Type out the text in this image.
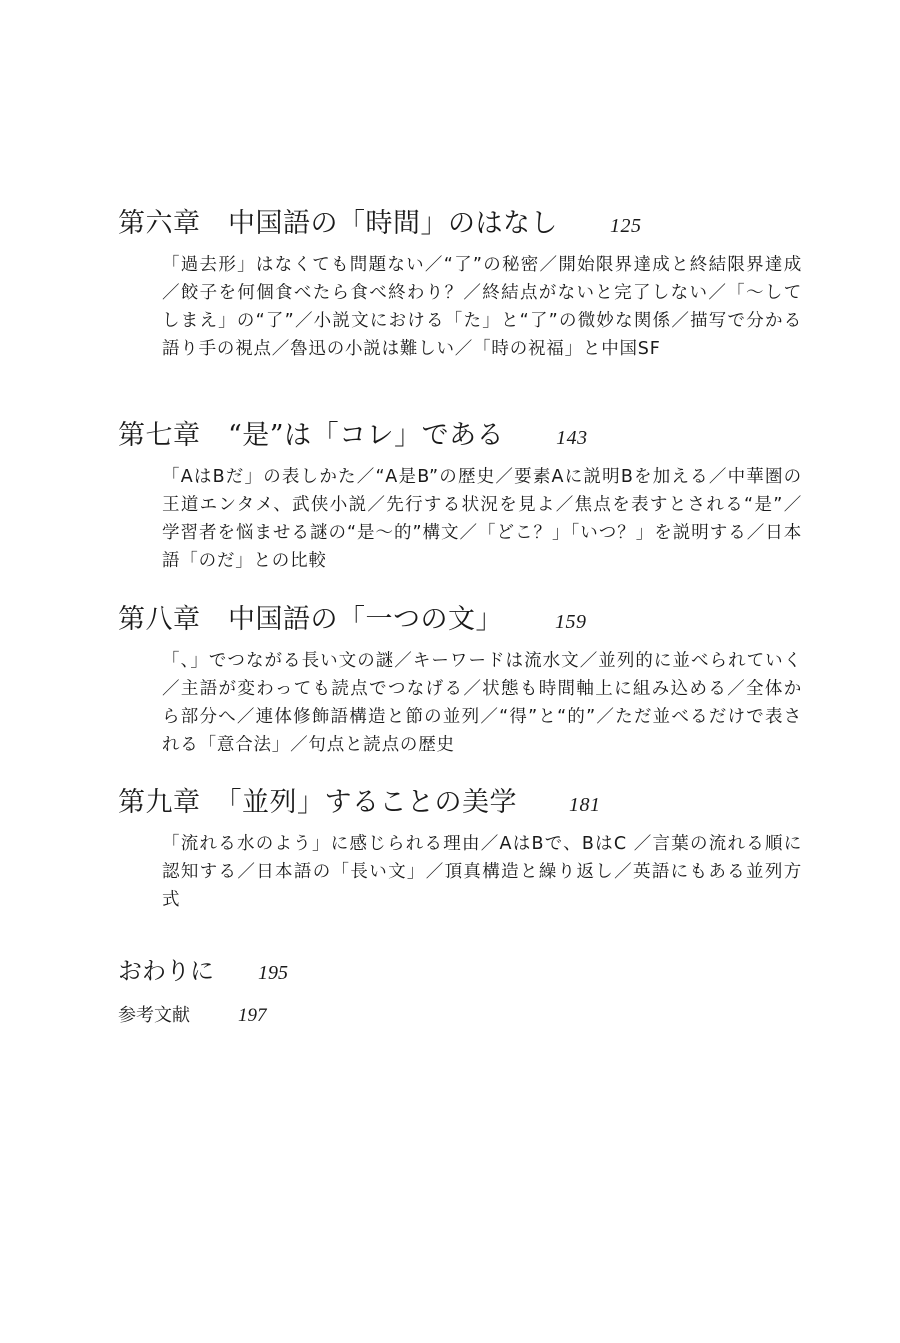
第六章　中国語の「時間」のはなし	125

「過去形」はなくても問題ない／“了”の秘密／開始限界達成と終結限界達成／餃子を何個食べたら食べ終わり？／終結点がないと完了しない／「〜してしまえ」の“了”／小説文における「た」と“了”の微妙な関係／描写で分かる語り手の視点／魯迅の小説は難しい／「時の祝福」と中国SF

第七章　“是”は「コレ」である	143

「AはBだ」の表しかた／“A是B”の歴史／要素Aに説明Bを加える／中華圏の王道エンタメ、武侠小説／先行する状況を見よ／焦点を表すとされる“是”／学習者を悩ませる謎の“是〜的”構文／「どこ？」「いつ？」を説明する／日本語「のだ」との比較

第八章　中国語の「一つの文」	159

「、」でつながる長い文の謎／キーワードは流水文／並列的に並べられていく／主語が変わっても読点でつなげる／状態も時間軸上に組み込める／全体から部分へ／連体修飾語構造と節の並列／“得”と“的”／ただ並べるだけで表される「意合法」／句点と読点の歴史

第九章　「並列」することの美学	181

「流れる水のよう」に感じられる理由／AはBで、BはC ／言葉の流れる順に認知する／日本語の「長い文」／頂真構造と繰り返し／英語にもある並列方式

おわりに 195
参考文献	197
